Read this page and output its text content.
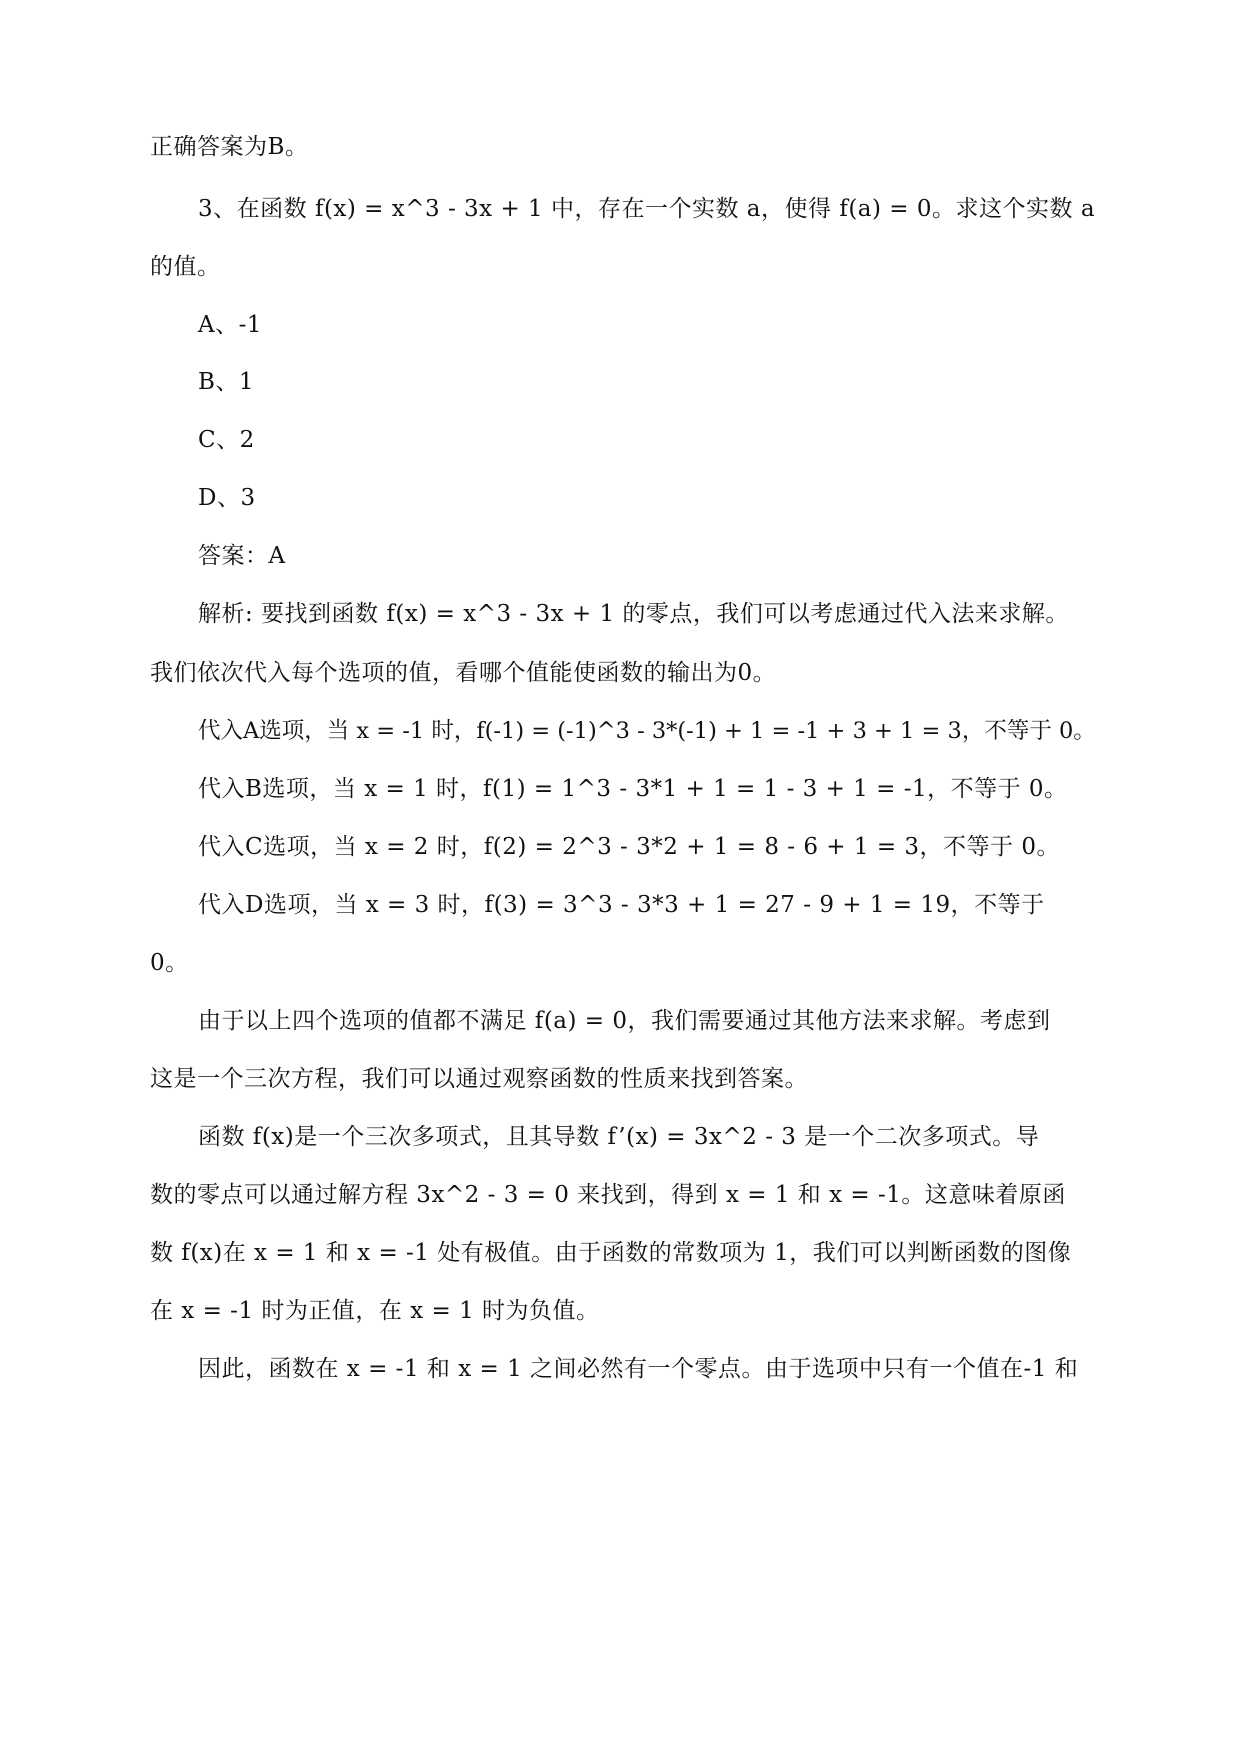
正确答案为B。
3、在函数 f(x) = x^3 - 3x + 1 中，存在一个实数 a，使得 f(a) = 0。求这个实数 a
的值。
A、-1
B、1
C、2
D、3
答案：A
解析: 要找到函数 f(x) = x^3 - 3x + 1 的零点，我们可以考虑通过代入法来求解。
我们依次代入每个选项的值，看哪个值能使函数的输出为0。
代入A选项，当 x = -1 时，f(-1) = (-1)^3 - 3*(-1) + 1 = -1 + 3 + 1 = 3，不等于 0。
代入B选项，当 x = 1 时，f(1) = 1^3 - 3*1 + 1 = 1 - 3 + 1 = -1，不等于 0。
代入C选项，当 x = 2 时，f(2) = 2^3 - 3*2 + 1 = 8 - 6 + 1 = 3，不等于 0。
代入D选项，当 x = 3 时，f(3) = 3^3 - 3*3 + 1 = 27 - 9 + 1 = 19，不等于
0。
由于以上四个选项的值都不满足 f(a) = 0，我们需要通过其他方法来求解。考虑到
这是一个三次方程，我们可以通过观察函数的性质来找到答案。
函数 f(x)是一个三次多项式，且其导数 f’(x) = 3x^2 - 3 是一个二次多项式。导
数的零点可以通过解方程 3x^2 - 3 = 0 来找到，得到 x = 1 和 x = -1。这意味着原函
数 f(x)在 x = 1 和 x = -1 处有极值。由于函数的常数项为 1，我们可以判断函数的图像
在 x = -1 时为正值，在 x = 1 时为负值。
因此，函数在 x = -1 和 x = 1 之间必然有一个零点。由于选项中只有一个值在-1 和
